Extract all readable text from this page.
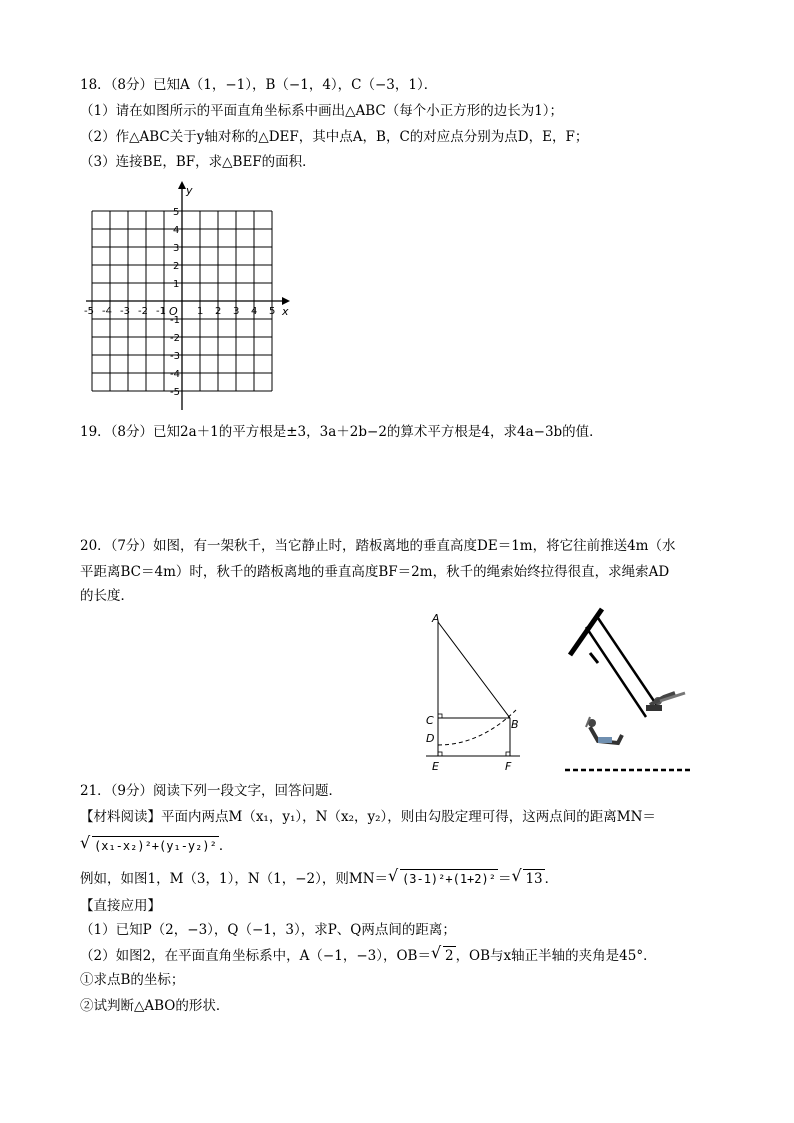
18．（8分）已知A（1，−1），B（−1，4），C（−3，1）．
（1）请在如图所示的平面直角坐标系中画出△ABC（每个小正方形的边长为1）；
（2）作△ABC关于y轴对称的△DEF，其中点A，B，C的对应点分别为点D，E，F；
（3）连接BE，BF，求△BEF的面积．
y
x
O
-5 -4 -3 -2 -1	1 2 3 4 5
5
4
3
2
1
-1
-2
-3
-4
-5
19．（8分）已知2a＋1的平方根是±3，3a＋2b−2的算术平方根是4，求4a−3b的值．
20．（7分）如图，有一架秋千，当它静止时，踏板离地的垂直高度DE＝1m，将它往前推送4m（水
平距离BC＝4m）时，秋千的踏板离地的垂直高度BF＝2m，秋千的绳索始终拉得很直，求绳索AD
的长度．
A
C
D
B
E	F
21．（9分）阅读下列一段文字，回答问题．
【材料阅读】平面内两点M（x₁，y₁），N（x₂，y₂），则由勾股定理可得，这两点间的距离MN＝
√ (x₁-x₂)²+(y₁-y₂)² ．
例如，如图1，M（3，1），N（1，−2），则MN＝ √ (3-1)²+(1+2)² ＝ √ 13 ．
【直接应用】
（1）已知P（2，−3），Q（−1，3），求P、Q两点间的距离；
（2）如图2，在平面直角坐标系中，A（−1，−3），OB＝ √ 2 ，OB与x轴正半轴的夹角是45°．
①求点B的坐标；
②试判断△ABO的形状．
